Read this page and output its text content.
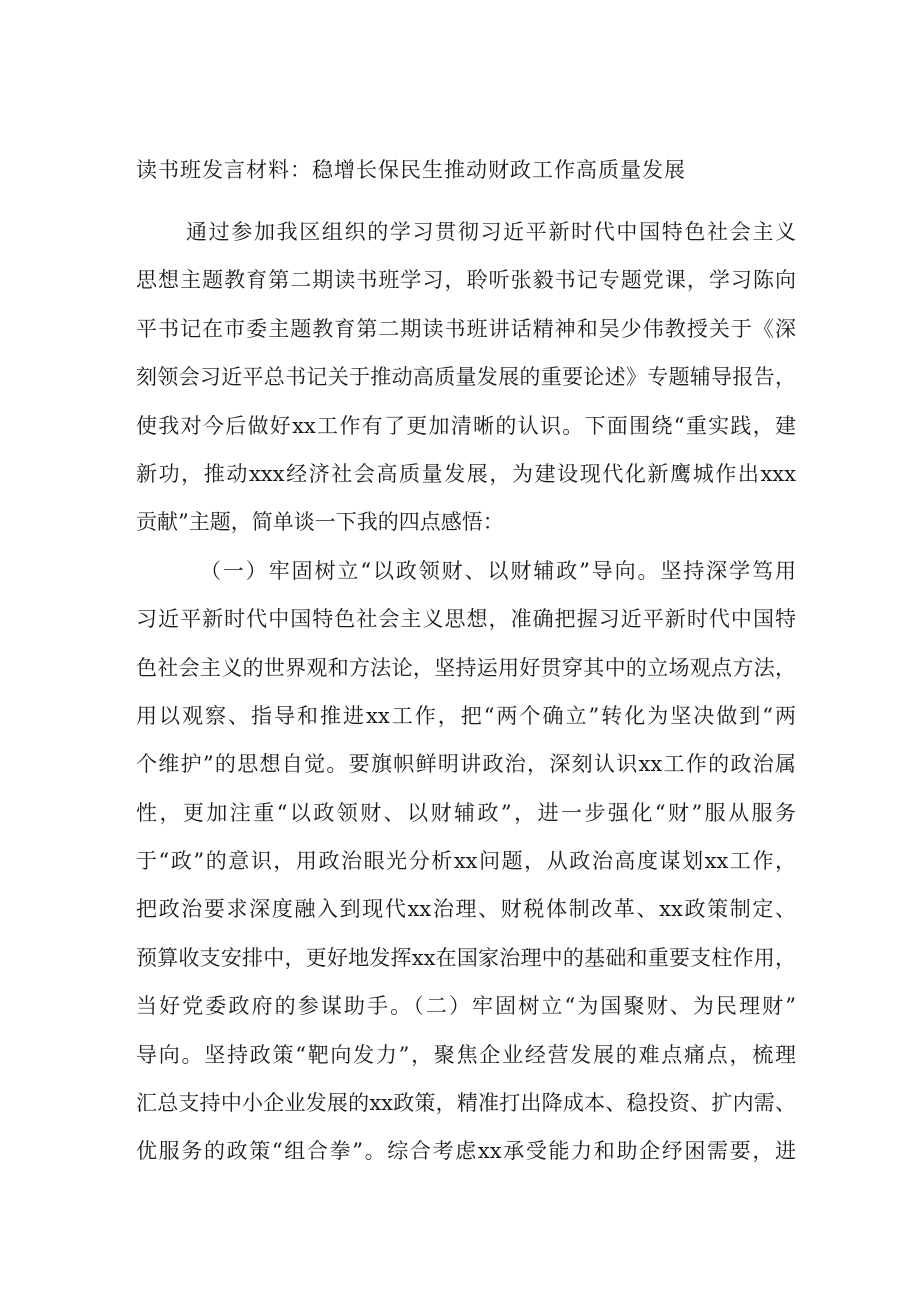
读书班发言材料：稳增长保民生推动财政工作高质量发展
通过参加我区组织的学习贯彻习近平新时代中国特色社会主义
思想主题教育第二期读书班学习，聆听张毅书记专题党课，学习陈向
平书记在市委主题教育第二期读书班讲话精神和吴少伟教授关于《深
刻领会习近平总书记关于推动高质量发展的重要论述》专题辅导报告，
使我对今后做好xx工作有了更加清晰的认识。下面围绕“重实践，建
新功，推动xxx经济社会高质量发展，为建设现代化新鹰城作出xxx
贡献”主题，简单谈一下我的四点感悟：
（一）牢固树立“以政领财、以财辅政”导向。坚持深学笃用
习近平新时代中国特色社会主义思想，准确把握习近平新时代中国特
色社会主义的世界观和方法论，坚持运用好贯穿其中的立场观点方法，
用以观察、指导和推进xx工作，把“两个确立”转化为坚决做到“两
个维护”的思想自觉。要旗帜鲜明讲政治，深刻认识xx工作的政治属
性，更加注重“以政领财、以财辅政”，进一步强化“财”服从服务
于“政”的意识，用政治眼光分析xx问题，从政治高度谋划xx工作，
把政治要求深度融入到现代xx治理、财税体制改革、xx政策制定、
预算收支安排中，更好地发挥xx在国家治理中的基础和重要支柱作用，
当好党委政府的参谋助手。（二）牢固树立“为国聚财、为民理财”
导向。坚持政策“靶向发力”，聚焦企业经营发展的难点痛点，梳理
汇总支持中小企业发展的xx政策，精准打出降成本、稳投资、扩内需、
优服务的政策“组合拳”。综合考虑xx承受能力和助企纾困需要，进
